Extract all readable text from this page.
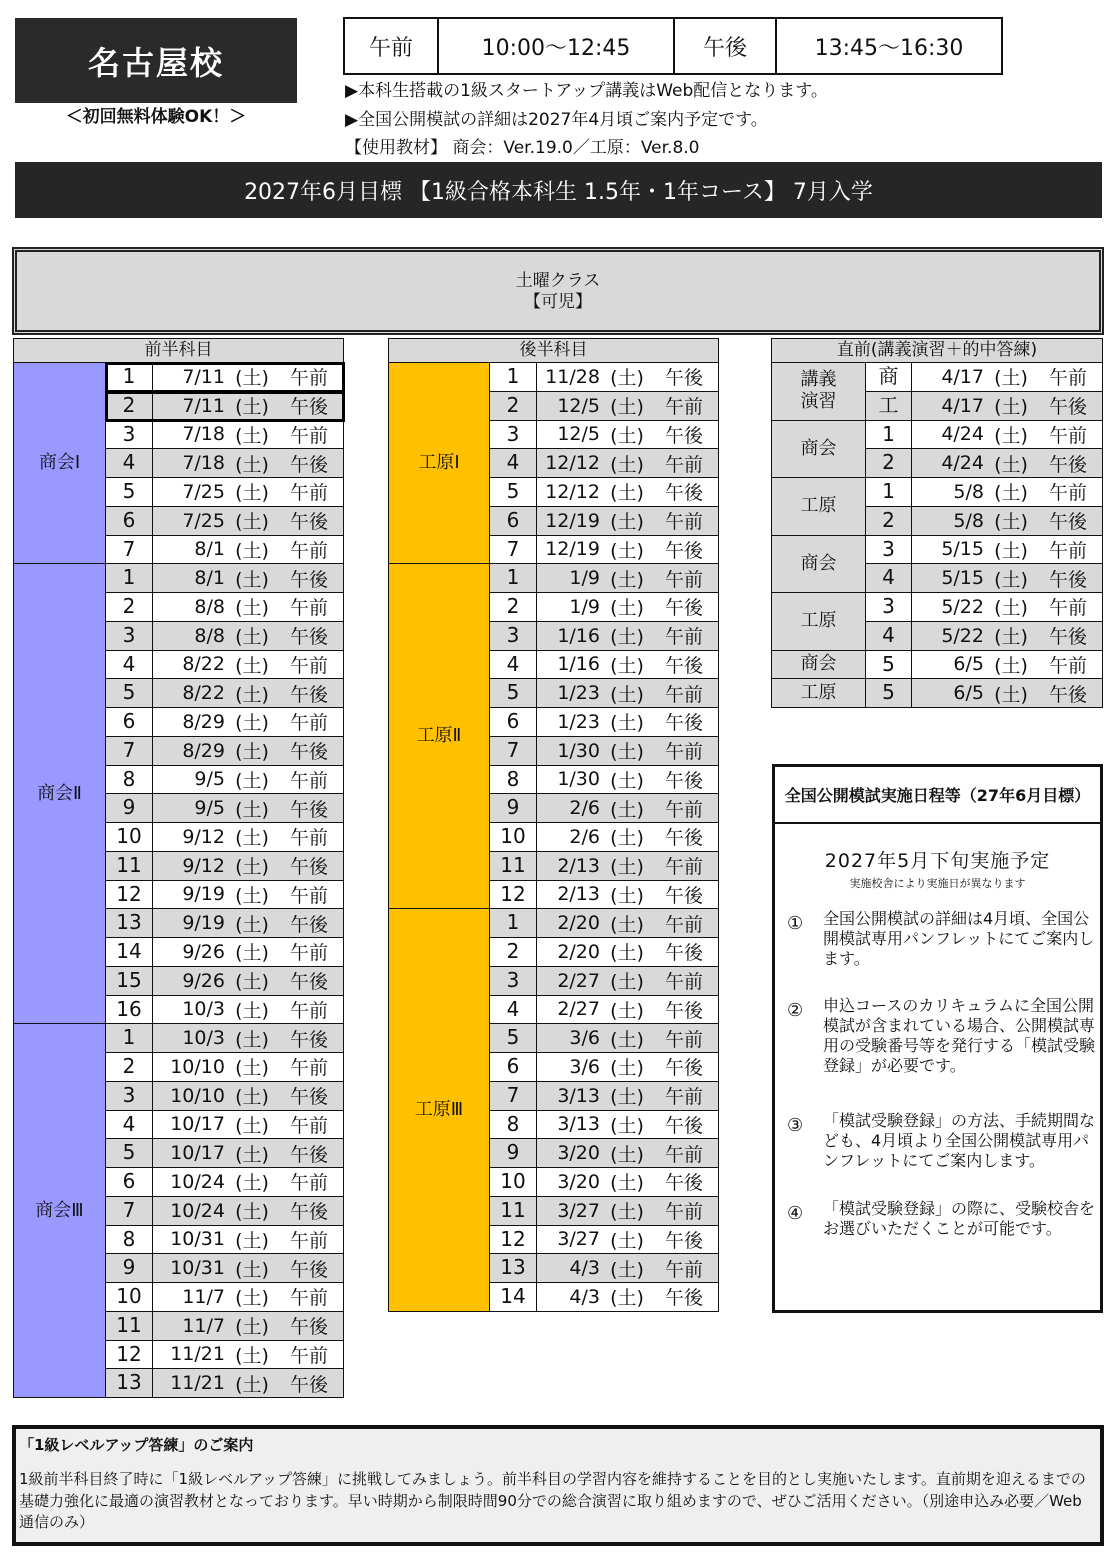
名古屋校
＜初回無料体験OK！＞
午前	10:00～12:45	午後	13:45～16:30
▶本科生搭載の1級スタートアップ講義はWeb配信となります。
▶全国公開模試の詳細は2027年4月頃ご案内予定です。
【使用教材】 商会：Ver.19.0／工原：Ver.8.0
2027年6月目標 【1級合格本科生 1.5年・1年コース】 7月入学
土曜クラス
【可児】
前半科目
商会Ⅰ
1	7/11 (土) 午前
2	7/11 (土) 午後
3	7/18 (土) 午前
4	7/18 (土) 午後
5	7/25 (土) 午前
6	7/25 (土) 午後
7	8/1 (土) 午前
商会Ⅱ
1	8/1 (土) 午後
2	8/8 (土) 午前
3	8/8 (土) 午後
4	8/22 (土) 午前
5	8/22 (土) 午後
6	8/29 (土) 午前
7	8/29 (土) 午後
8	9/5 (土) 午前
9	9/5 (土) 午後
10	9/12 (土) 午前
11	9/12 (土) 午後
12	9/19 (土) 午前
13	9/19 (土) 午後
14	9/26 (土) 午前
15	9/26 (土) 午後
16	10/3 (土) 午前
商会Ⅲ
1	10/3 (土) 午後
2	10/10 (土) 午前
3	10/10 (土) 午後
4	10/17 (土) 午前
5	10/17 (土) 午後
6	10/24 (土) 午前
7	10/24 (土) 午後
8	10/31 (土) 午前
9	10/31 (土) 午後
10	11/7 (土) 午前
11	11/7 (土) 午後
12	11/21 (土) 午前
13	11/21 (土) 午後
後半科目
工原Ⅰ
1	11/28 (土) 午後
2	12/5 (土) 午前
3	12/5 (土) 午後
4	12/12 (土) 午前
5	12/12 (土) 午後
6	12/19 (土) 午前
7	12/19 (土) 午後
工原Ⅱ
1	1/9 (土) 午前
2	1/9 (土) 午後
3	1/16 (土) 午前
4	1/16 (土) 午後
5	1/23 (土) 午前
6	1/23 (土) 午後
7	1/30 (土) 午前
8	1/30 (土) 午後
9	2/6 (土) 午前
10	2/6 (土) 午後
11	2/13 (土) 午前
12	2/13 (土) 午後
工原Ⅲ
1	2/20 (土) 午前
2	2/20 (土) 午後
3	2/27 (土) 午前
4	2/27 (土) 午後
5	3/6 (土) 午前
6	3/6 (土) 午後
7	3/13 (土) 午前
8	3/13 (土) 午後
9	3/20 (土) 午前
10	3/20 (土) 午後
11	3/27 (土) 午前
12	3/27 (土) 午後
13	4/3 (土) 午前
14	4/3 (土) 午後
直前(講義演習＋的中答練)
講義
演習
商	4/17 (土) 午前
工	4/17 (土) 午後
商会
1	4/24 (土) 午前
2	4/24 (土) 午後
工原
1	5/8 (土) 午前
2	5/8 (土) 午後
商会
3	5/15 (土) 午前
4	5/15 (土) 午後
工原
3	5/22 (土) 午前
4	5/22 (土) 午後
商会	5	6/5 (土) 午前
工原	5	6/5 (土) 午後
全国公開模試実施日程等（27年6月目標）
2027年5月下旬実施予定
実施校舎により実施日が異なります
①	全国公開模試の詳細は4月頃、全国公開模試専用パンフレットにてご案内します。
②	申込コースのカリキュラムに全国公開模試が含まれている場合、公開模試専用の受験番号等を発行する「模試受験登録」が必要です。
③	「模試受験登録」の方法、手続期間なども、4月頃より全国公開模試専用パンフレットにてご案内します。
④	「模試受験登録」の際に、受験校舎をお選びいただくことが可能です。
「1級レベルアップ答練」のご案内
1級前半科目終了時に「1級レベルアップ答練」に挑戦してみましょう。前半科目の学習内容を維持することを目的とし実施いたします。直前期を迎えるまでの基礎力強化に最適の演習教材となっております。早い時期から制限時間90分での総合演習に取り組めますので、ぜひご活用ください。（別途申込み必要／Web通信のみ）
